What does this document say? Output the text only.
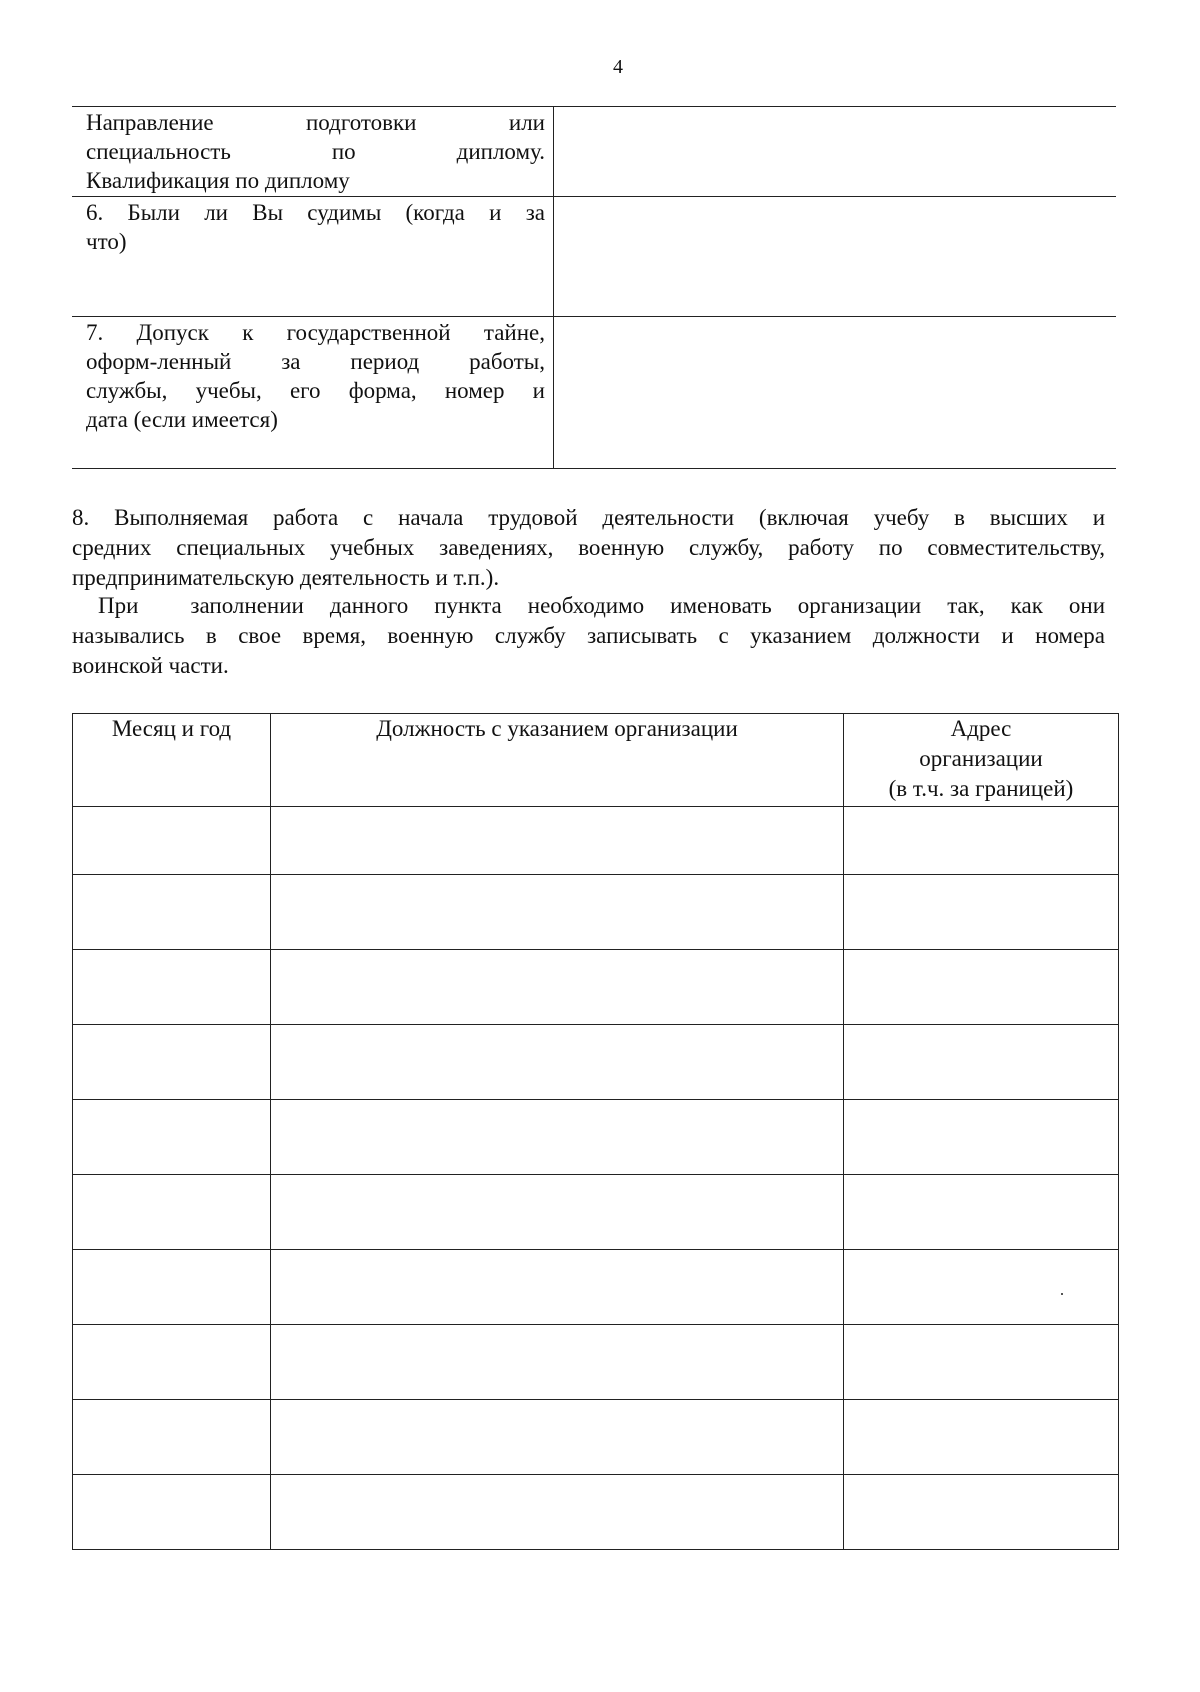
4
Направление подготовки или
специальность по диплому.
Квалификация по диплому	

6. Были ли Вы судимы (когда и за
что)	

7. Допуск к государственной тайне,
оформ-ленный за период работы,
службы, учебы, его форма, номер и
дата (если имеется)	

8. Выполняемая работа с начала трудовой деятельности (включая учебу в высших и
средних специальных учебных заведениях, военную службу, работу по совместительству,
предпринимательскую деятельность и т.п.).
При  заполнении данного пункта необходимо именовать организации так, как они
назывались в свое время, военную службу записывать с указанием должности и номера
воинской части.
Месяц и год	Должность с указанием организации	Адрес
организации
(в т.ч. за границей)
